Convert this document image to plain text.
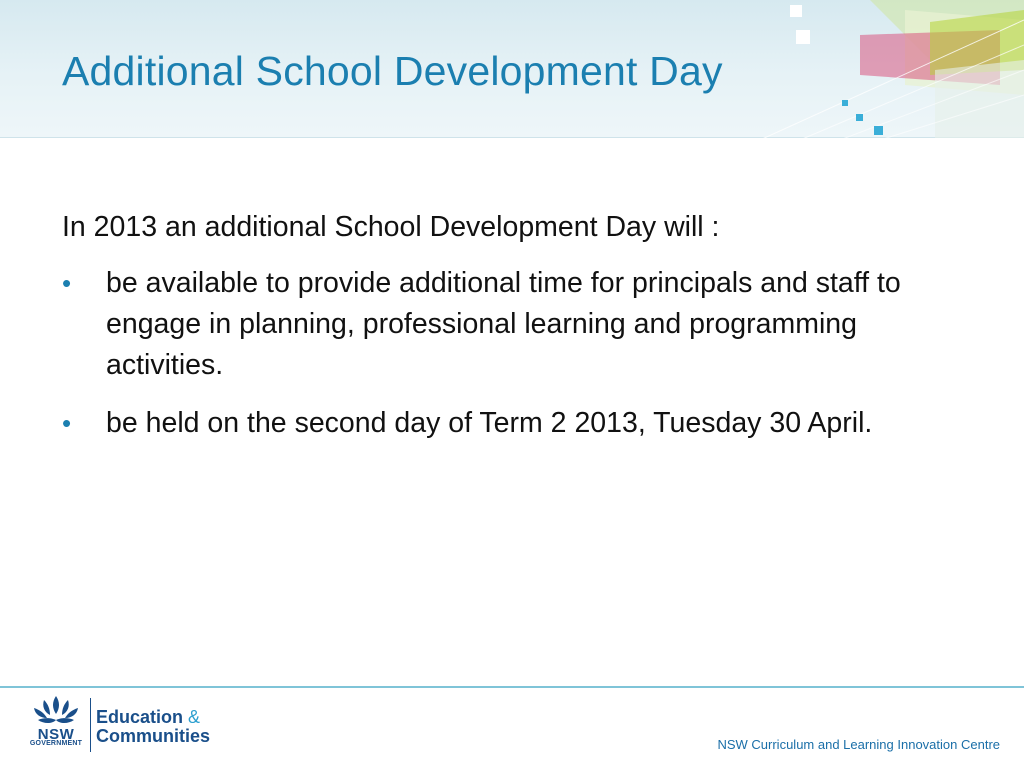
Additional School Development Day

In 2013 an additional School Development Day will :

• be available to provide additional time for principals and staff to engage in planning, professional learning and programming activities.
• be held on the second day of Term 2 2013, Tuesday 30 April.
NSW
GOVERNMENT
Education &
Communities	NSW Curriculum and Learning Innovation Centre
